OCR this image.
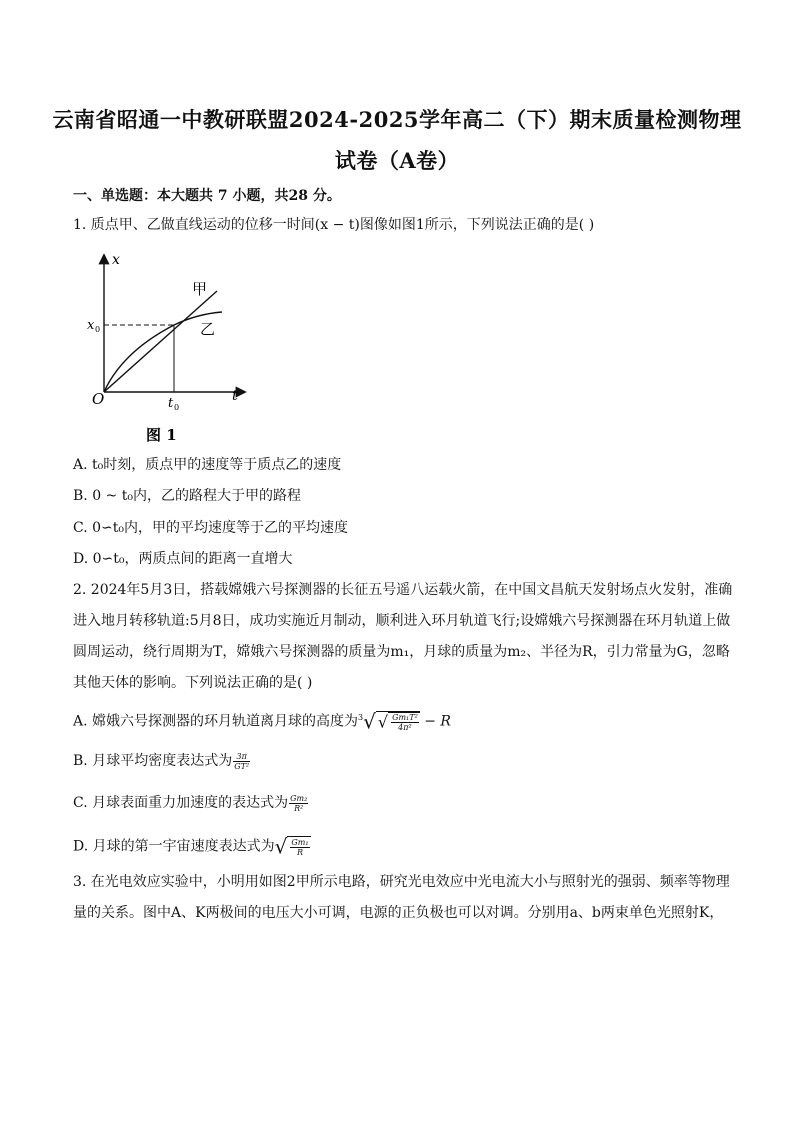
云南省昭通一中教研联盟2024-2025学年高二（下）期末质量检测物理
试卷（A卷）
一、单选题：本大题共 7 小题，共28 分。
1. 质点甲、乙做直线运动的位移一时间(x − t)图像如图1所示，下列说法正确的是( )
x
t
O
x 0
t 0
甲
乙
图 1
A. t₀时刻，质点甲的速度等于质点乙的速度
B. 0 ~ t₀内，乙的路程大于甲的路程
C. 0∽t₀内，甲的平均速度等于乙的平均速度
D. 0∽t₀，两质点间的距离一直增大
2. 2024年5月3日，搭载嫦娥六号探测器的长征五号遥八运载火箭，在中国文昌航天发射场点火发射，准确
进入地月转移轨道:5月8日，成功实施近月制动，顺利进入环月轨道飞行;设嫦娥六号探测器在环月轨道上做
圆周运动，绕行周期为T，嫦娥六号探测器的质量为m₁，月球的质量为m₂、半径为R，引力常量为G，忽略
其他天体的影响。下列说法正确的是( )
A. 嫦娥六号探测器的环月轨道离月球的高度为$^3$√ √ $\frac{\text{Gm₁T²}}{\text{4π²}} - R$
B. 月球平均密度表达式为 $\frac{3\pi}{\text{GT²}}$
C. 月球表面重力加速度的表达式为 $\frac{\text{Gm₂}}{\text{R²}}$
D. 月球的第一宇宙速度表达式为√ $\frac{\text{Gm₁}}{R}$
3. 在光电效应实验中，小明用如图2甲所示电路，研究光电效应中光电流大小与照射光的强弱、频率等物理
量的关系。图中A、K两极间的电压大小可调，电源的正负极也可以对调。分别用a、b两束单色光照射K，
